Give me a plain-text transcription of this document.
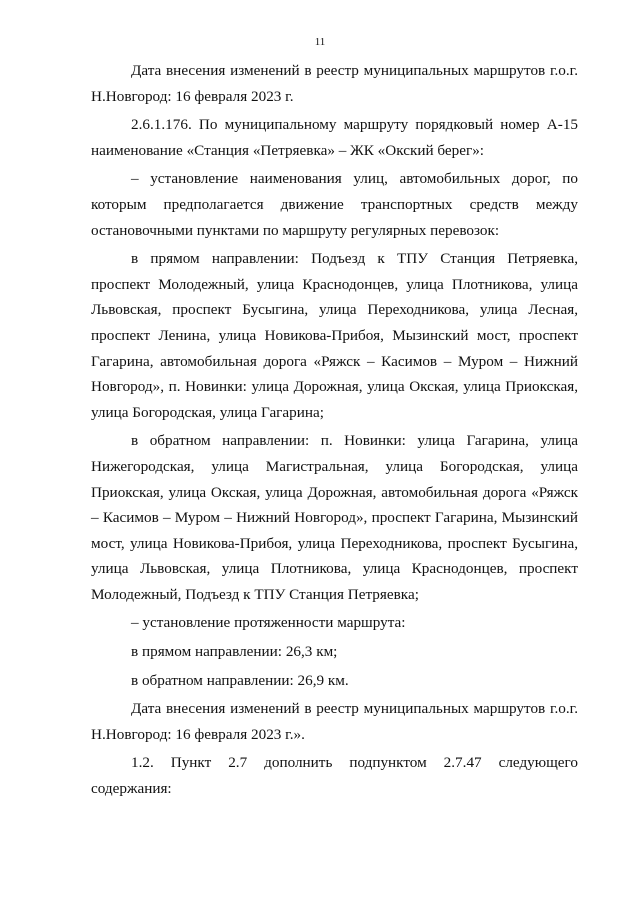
11

Дата внесения изменений в реестр муниципальных маршрутов г.о.г. Н.Новгород: 16 февраля 2023 г.

2.6.1.176. По муниципальному маршруту порядковый номер А-15 наименование «Станция «Петряевка» – ЖК «Окский берег»:

– установление наименования улиц, автомобильных дорог, по которым предполагается движение транспортных средств между остановочными пунктами по маршруту регулярных перевозок:

в прямом направлении: Подъезд к ТПУ Станция Петряевка, проспект Молодежный, улица Краснодонцев, улица Плотникова, улица Львовская, проспект Бусыгина, улица Переходникова, улица Лесная, проспект Ленина, улица Новикова-Прибоя, Мызинский мост, проспект Гагарина, автомобильная дорога «Ряжск – Касимов – Муром – Нижний Новгород», п. Новинки: улица Дорожная, улица Окская, улица Приокская, улица Богородская, улица Гагарина;

в обратном направлении: п. Новинки: улица Гагарина, улица Нижегородская, улица Магистральная, улица Богородская, улица Приокская, улица Окская, улица Дорожная, автомобильная дорога «Ряжск – Касимов – Муром – Нижний Новгород», проспект Гагарина, Мызинский мост, улица Новикова-Прибоя, улица Переходникова, проспект Бусыгина, улица Львовская, улица Плотникова, улица Краснодонцев, проспект Молодежный, Подъезд к ТПУ Станция Петряевка;

– установление протяженности маршрута:

в прямом направлении: 26,3 км;

в обратном направлении: 26,9 км.

Дата внесения изменений в реестр муниципальных маршрутов г.о.г. Н.Новгород: 16 февраля 2023 г.».

1.2. Пункт 2.7 дополнить подпунктом 2.7.47 следующего содержания:
